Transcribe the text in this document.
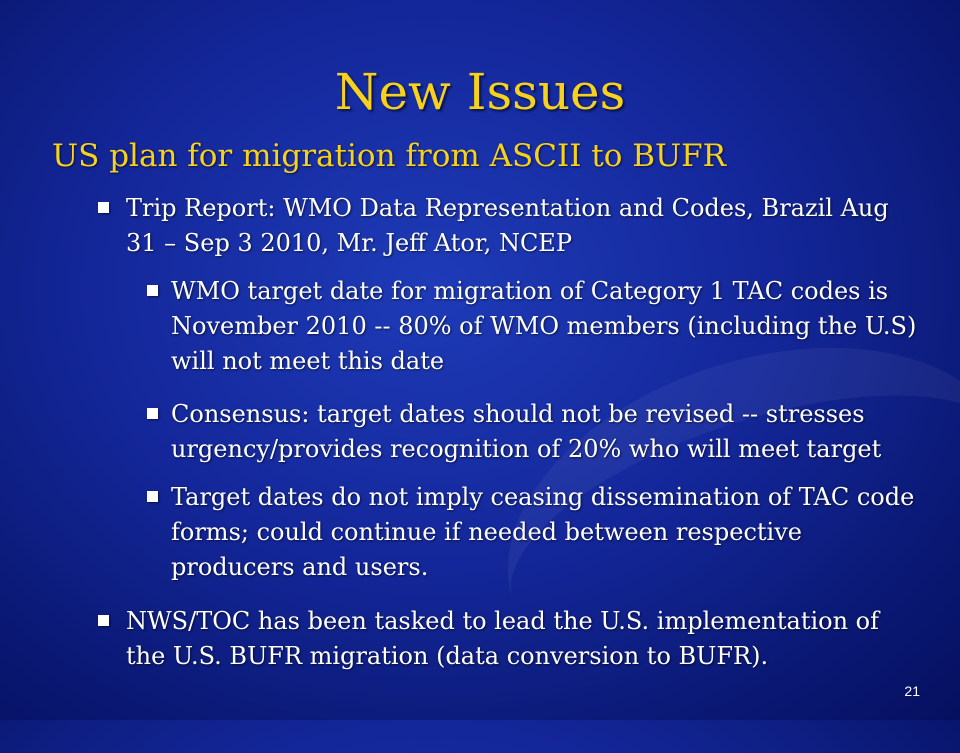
New Issues
US plan for migration from ASCII to BUFR
Trip Report: WMO Data Representation and Codes, Brazil Aug 31 – Sep 3 2010, Mr. Jeff Ator, NCEP
WMO target date for migration of Category 1 TAC codes is November 2010 -- 80% of WMO members (including the U.S) will not meet this date
Consensus: target dates should not be revised -- stresses urgency/provides recognition of 20% who will meet target
Target dates do not imply ceasing dissemination of TAC code forms; could continue if needed between respective producers and users.
NWS/TOC has been tasked to lead the U.S. implementation of the U.S. BUFR migration (data conversion to BUFR).
21
